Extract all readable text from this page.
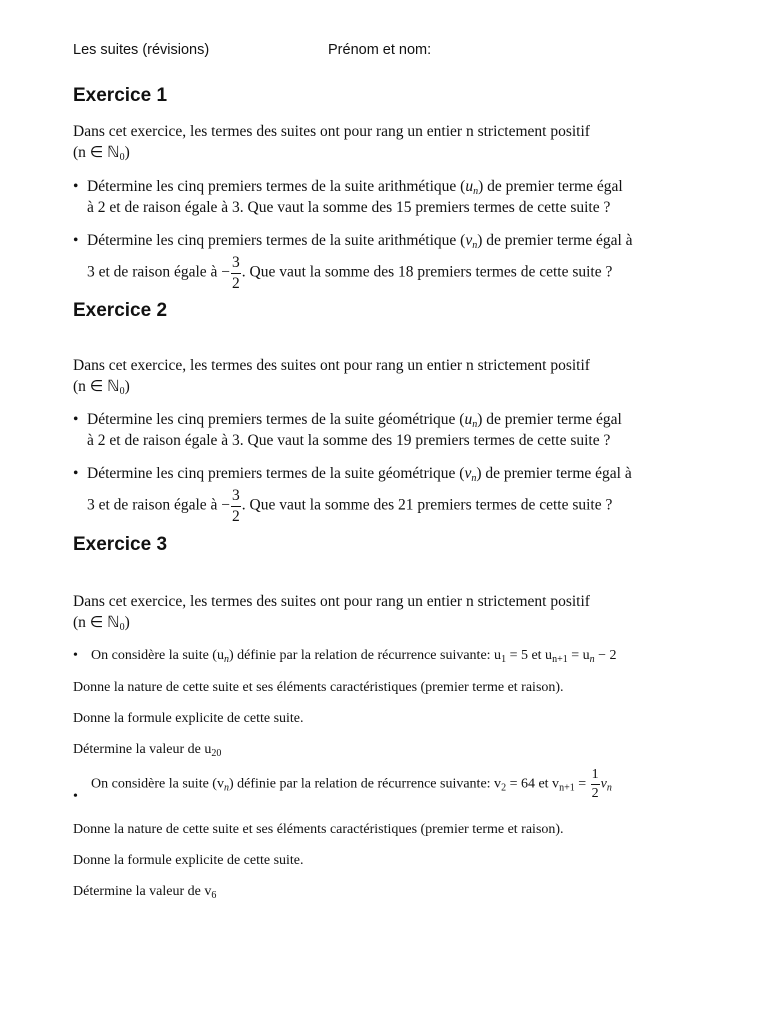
Les suites (révisions)	Prénom et nom:
Exercice 1

Dans cet exercice, les termes des suites ont pour rang un entier n strictement positif
(n ∈ ℕ$_0$)

• Détermine les cinq premiers termes de la suite arithmétique $(u_n)$ de premier terme égal
à 2 et de raison égale à 3. Que vaut la somme des 15 premiers termes de cette suite ?
• Détermine les cinq premiers termes de la suite arithmétique $(v_n)$ de premier terme égal à
3 et de raison égale à − $\frac{3}{2}$ . Que vaut la somme des 18 premiers termes de cette suite ?
Exercice 2

Dans cet exercice, les termes des suites ont pour rang un entier n strictement positif
(n ∈ ℕ$_0$)

• Détermine les cinq premiers termes de la suite géométrique $(u_n)$ de premier terme égal
à 2 et de raison égale à 3. Que vaut la somme des 19 premiers termes de cette suite ?
• Détermine les cinq premiers termes de la suite géométrique $(v_n)$ de premier terme égal à
3 et de raison égale à − $\frac{3}{2}$ . Que vaut la somme des 21 premiers termes de cette suite ?
Exercice 3

Dans cet exercice, les termes des suites ont pour rang un entier n strictement positif
(n ∈ ℕ$_0$)

• On considère la suite $(u_n)$ définie par la relation de récurrence suivante: $u_1 = 5$ et $u_{n+1} = u_n - 2$

Donne la nature de cette suite et ses éléments caractéristiques (premier terme et raison).

Donne la formule explicite de cette suite.

Détermine la valeur de $u_{20}$

•
On considère la suite $(v_n)$ définie par la relation de récurrence suivante: $v_2 = 64$ et $v_{n+1} = \frac{1}{2} v_n$

Donne la nature de cette suite et ses éléments caractéristiques (premier terme et raison).

Donne la formule explicite de cette suite.

Détermine la valeur de $v_6$
